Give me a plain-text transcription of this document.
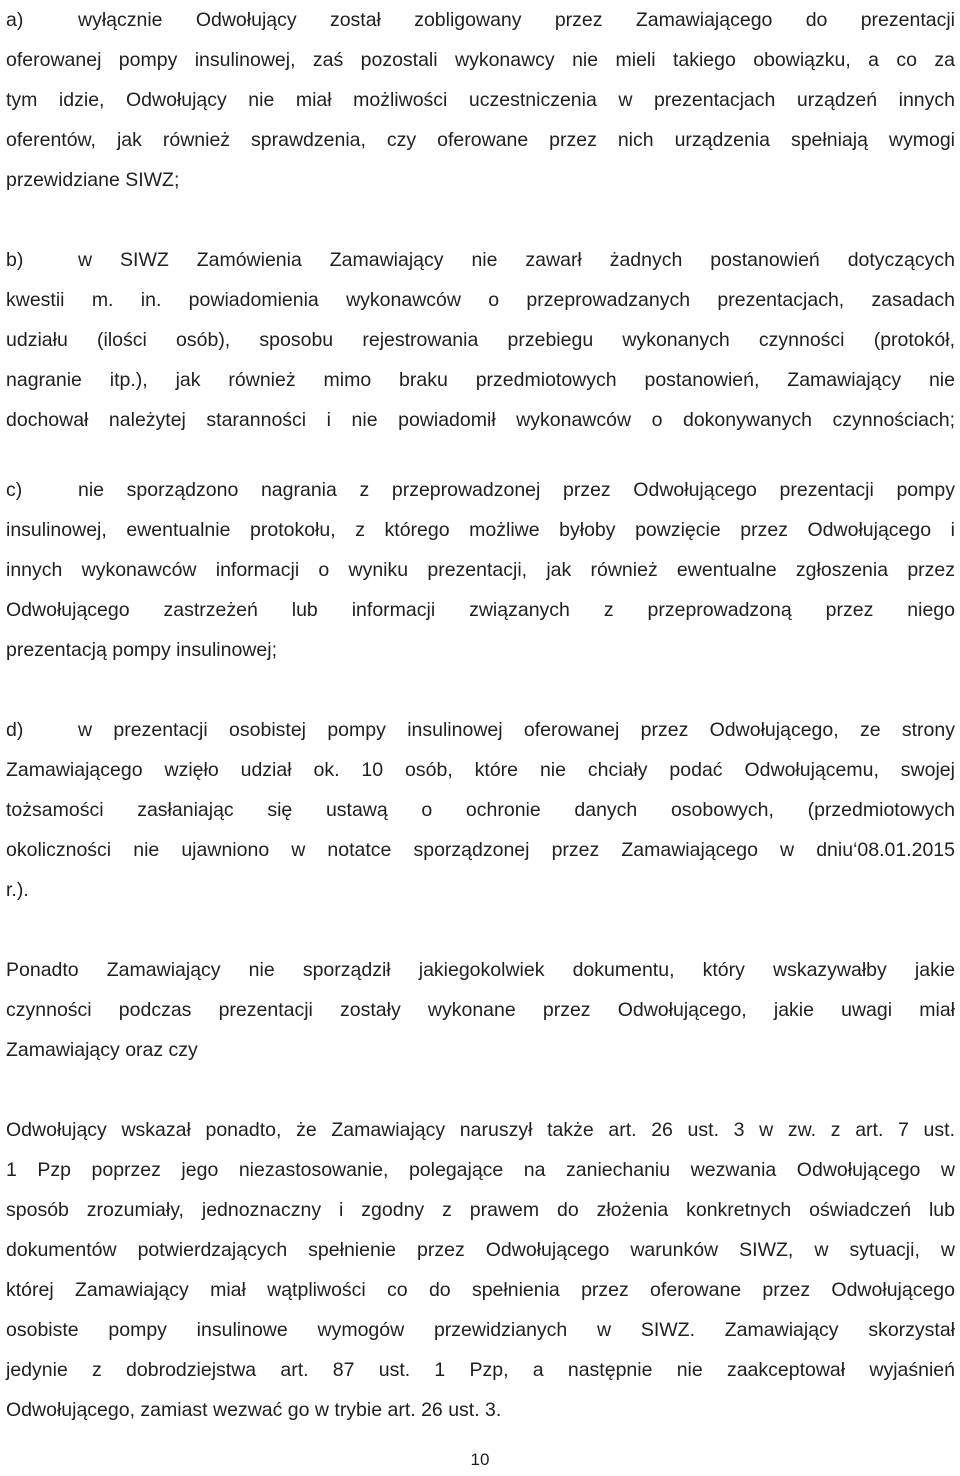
a)	wyłącznie Odwołujący został zobligowany przez Zamawiającego do prezentacji
oferowanej pompy insulinowej, zaś pozostali wykonawcy nie mieli takiego obowiązku, a co za
tym idzie, Odwołujący nie miał możliwości uczestniczenia w prezentacjach urządzeń innych
oferentów, jak również sprawdzenia, czy oferowane przez nich urządzenia spełniają wymogi
przewidziane SIWZ;
b)	w SIWZ Zamówienia Zamawiający nie zawarł żadnych postanowień dotyczących
kwestii m. in. powiadomienia wykonawców o przeprowadzanych prezentacjach, zasadach
udziału (ilości osób), sposobu rejestrowania przebiegu wykonanych czynności (protokół,
nagranie itp.), jak również mimo braku przedmiotowych postanowień, Zamawiający nie
dochował należytej staranności i nie powiadomił wykonawców o dokonywanych czynnościach;
c)	nie sporządzono nagrania z przeprowadzonej przez Odwołującego prezentacji pompy
insulinowej, ewentualnie protokołu, z którego możliwe byłoby powzięcie przez Odwołującego i
innych wykonawców informacji o wyniku prezentacji, jak również ewentualne zgłoszenia przez
Odwołującego zastrzeżeń lub informacji związanych z przeprowadzoną przez niego
prezentacją pompy insulinowej;
d)	w prezentacji osobistej pompy insulinowej oferowanej przez Odwołującego, ze strony
Zamawiającego wzięło udział ok. 10 osób, które nie chciały podać Odwołującemu, swojej
tożsamości zasłaniając się ustawą o ochronie danych osobowych, (przedmiotowych
okoliczności nie ujawniono w notatce sporządzonej przez Zamawiającego w dniu‘08.01.2015
r.).
Ponadto Zamawiający nie sporządził jakiegokolwiek dokumentu, który wskazywałby jakie
czynności podczas prezentacji zostały wykonane przez Odwołującego, jakie uwagi miał
Zamawiający oraz czy
Odwołujący wskazał ponadto, że Zamawiający naruszył także art. 26 ust. 3 w zw. z art. 7 ust.
1 Pzp poprzez jego niezastosowanie, polegające na zaniechaniu wezwania Odwołującego w
sposób zrozumiały, jednoznaczny i zgodny z prawem do złożenia konkretnych oświadczeń lub
dokumentów potwierdzających spełnienie przez Odwołującego warunków SIWZ, w sytuacji, w
której Zamawiający miał wątpliwości co do spełnienia przez oferowane przez Odwołującego
osobiste pompy insulinowe wymogów przewidzianych w SIWZ. Zamawiający skorzystał
jedynie z dobrodziejstwa art. 87 ust. 1 Pzp, a następnie nie zaakceptował wyjaśnień
Odwołującego, zamiast wezwać go w trybie art. 26 ust. 3.
10
